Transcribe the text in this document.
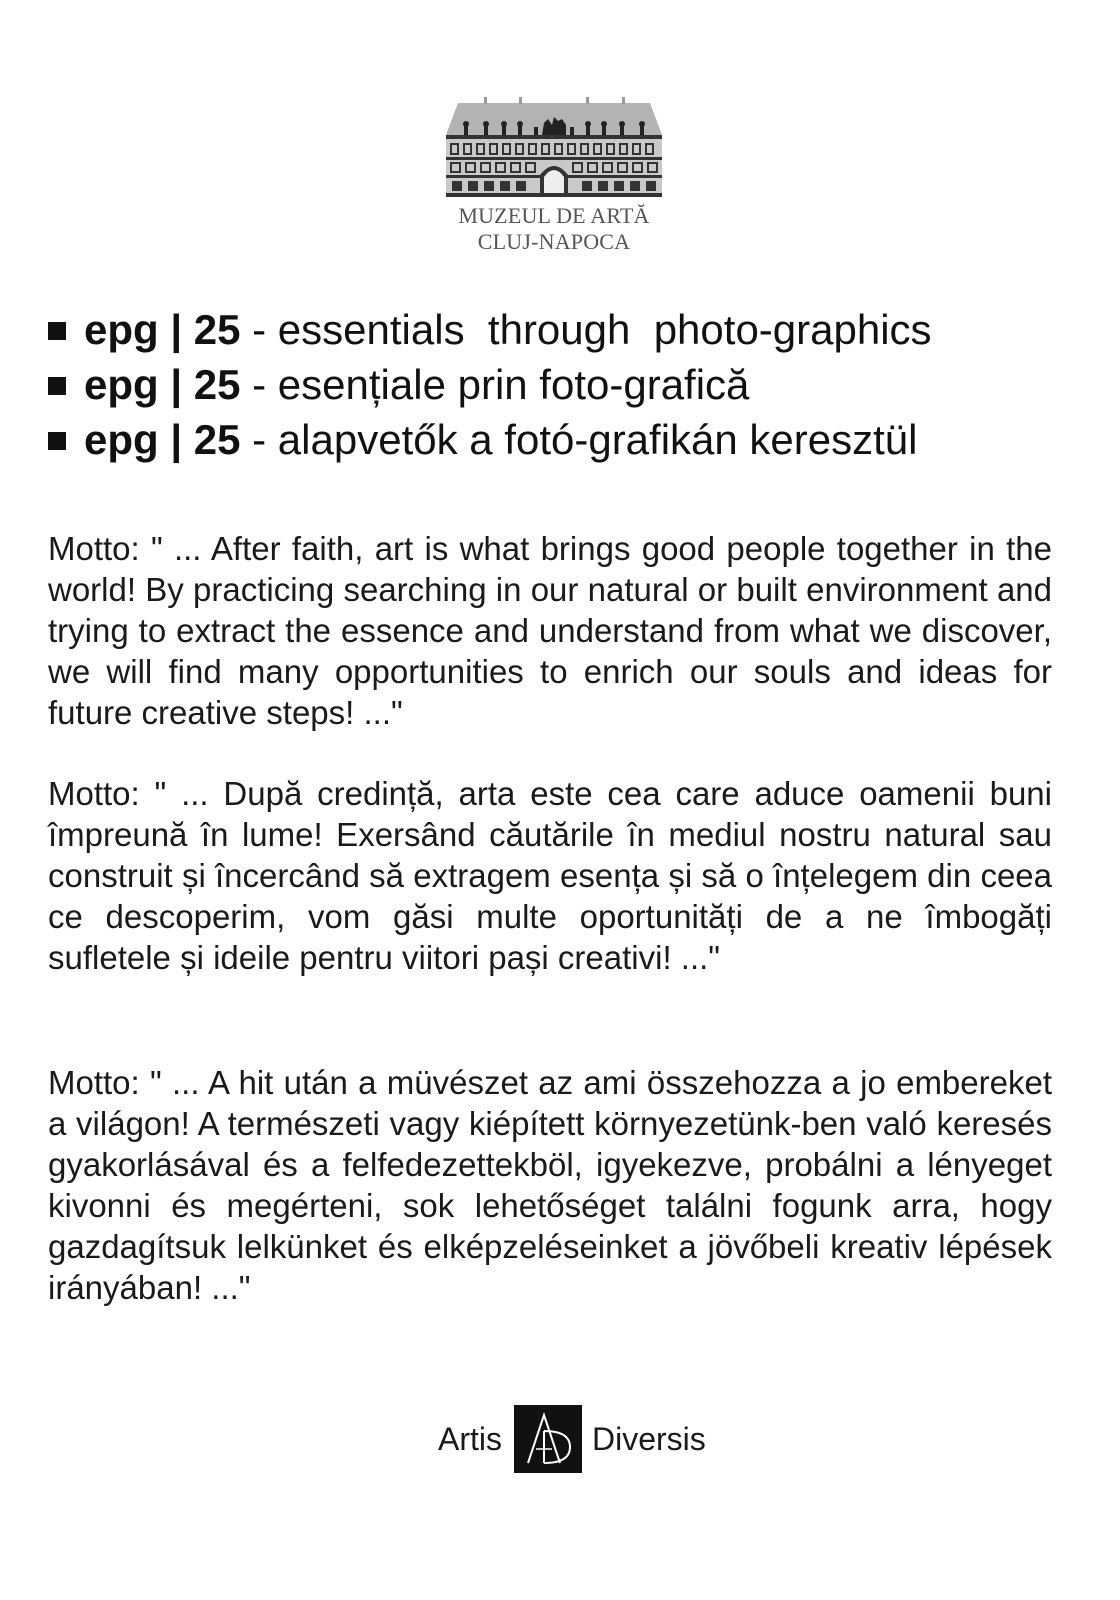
MUZEUL DE ARTĂ
CLUJ-NAPOCA
epg | 25 - essentials  through  photo-graphics
epg | 25 - esențiale prin foto-grafică
epg | 25 - alapvetők a fotó-grafikán keresztül

Motto: " ... After faith, art is what brings good people together in the world! By practicing searching in our natural or built environment and trying to extract the essence and understand from what we discover, we will find many opportunities to enrich our souls and ideas for future creative steps! ..."

Motto: " ... După credință, arta este cea care aduce oamenii buni împreună în lume! Exersând căutările în mediul nostru natural sau construit și încercând să extragem esența și să o înțelegem din ceea ce descoperim, vom găsi multe oportunități de a ne îmbogăți sufletele și ideile pentru viitori pași creativi! ..."

Motto: " ... A hit után a müvészet az ami összehozza a jo embereket a világon! A természeti vagy kiépített környezetünk-ben való keresés gyakorlásával és a felfedezettekböl, igyekezve, probálni a lényeget kivonni és megérteni, sok lehetőséget találni fogunk arra, hogy gazdagítsuk lelkünket és elképzeléseinket a jövőbeli kreativ lépések irányában! ..."

Artis	Diversis
